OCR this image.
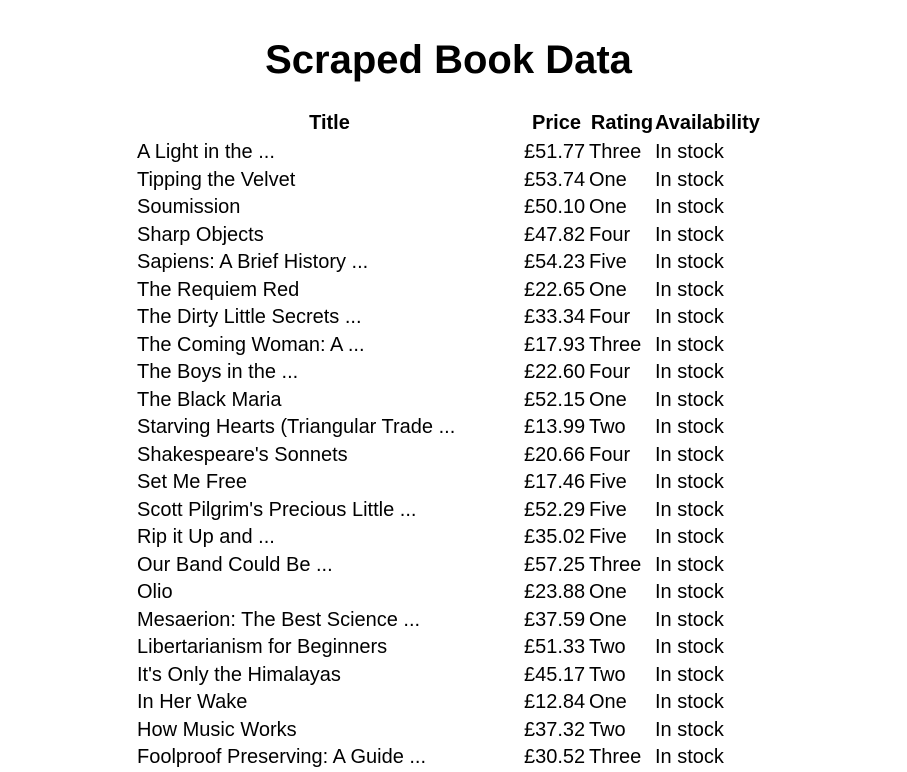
Scraped Book Data
Title	Price	Rating	Availability
A Light in the ...	£51.77	Three	In stock
Tipping the Velvet	£53.74	One	In stock
Soumission	£50.10	One	In stock
Sharp Objects	£47.82	Four	In stock
Sapiens: A Brief History ...	£54.23	Five	In stock
The Requiem Red	£22.65	One	In stock
The Dirty Little Secrets ...	£33.34	Four	In stock
The Coming Woman: A ...	£17.93	Three	In stock
The Boys in the ...	£22.60	Four	In stock
The Black Maria	£52.15	One	In stock
Starving Hearts (Triangular Trade ...	£13.99	Two	In stock
Shakespeare's Sonnets	£20.66	Four	In stock
Set Me Free	£17.46	Five	In stock
Scott Pilgrim's Precious Little ...	£52.29	Five	In stock
Rip it Up and ...	£35.02	Five	In stock
Our Band Could Be ...	£57.25	Three	In stock
Olio	£23.88	One	In stock
Mesaerion: The Best Science ...	£37.59	One	In stock
Libertarianism for Beginners	£51.33	Two	In stock
It's Only the Himalayas	£45.17	Two	In stock
In Her Wake	£12.84	One	In stock
How Music Works	£37.32	Two	In stock
Foolproof Preserving: A Guide ...	£30.52	Three	In stock
